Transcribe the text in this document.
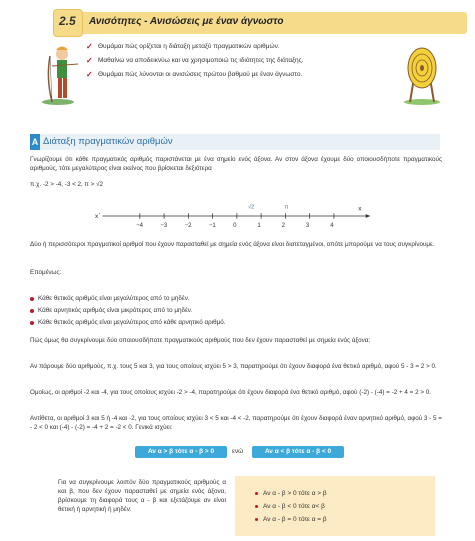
2.5 Ανισότητες - Ανισώσεις με έναν άγνωστο
✓ Θυμάμαι πώς ορίζεται η διάταξη μεταξύ πραγματικών αριθμών.
✓ Μαθαίνω να αποδεικνύω και να χρησιμοποιώ τις ιδιότητες της διάταξης.
✓ Θυμάμαι πώς λύνονται οι ανισώσεις πρώτου βαθμού με έναν άγνωστο.
Α Διάταξη πραγματικών αριθμών
Γνωρίζουμε ότι κάθε πραγματικός αριθμός παριστάνεται με ένα σημείο ενός άξονα. Αν στον άξονα έχουμε δύο οποιουσδήποτε πραγματικούς αριθμούς, τότε μεγαλύτερος είναι εκείνος που βρίσκεται δεξιότερα
π.χ. -2 > -4, -3 < 2, π > √2
x΄
x
−4	−3	−2	−1	0	1	2	3	4
√2	π
Δύο ή περισσότεροι πραγματικοί αριθμοί που έχουν παρασταθεί με σημεία ενός άξονα είναι διατεταγμένοι, οπότε μπορούμε να τους συγκρίνουμε.
Επομένως:
Κάθε θετικός αριθμός είναι μεγαλύτερος από το μηδέν.
Κάθε αρνητικός αριθμός είναι μικρότερος από το μηδέν.
Κάθε θετικός αριθμός είναι μεγαλύτερος από κάθε αρνητικό αριθμό.
Πώς όμως θα συγκρίνουμε δύο οποιουσδήποτε πραγματικούς αριθμούς που δεν έχουν παρασταθεί με σημεία ενός άξονα;
Αν πάρουμε δύο αριθμούς, π.χ. τους 5 και 3, για τους οποίους ισχύει 5 > 3, παρατηρούμε ότι έχουν διαφορά ένα θετικό αριθμό, αφού 5 - 3 = 2 > 0.
Ομοίως, οι αριθμοί -2 και -4, για τους οποίους ισχύει -2 > -4, παρατηρούμε ότι έχουν διαφορά ένα θετικό αριθμό, αφού (-2) - (-4) = -2 + 4 = 2 > 0.
Αντίθετα, οι αριθμοί 3 και 5 ή -4 και -2, για τους οποίους ισχύει 3 < 5 και -4 < -2, παρατηρούμε ότι έχουν διαφορά έναν αρνητικό αριθμό, αφού 3 - 5 = - 2 < 0 και (-4) - (-2) = -4 + 2 = -2 < 0. Γενικά ισχύει:
Αν α > β τότε α - β > 0	ενώ	Αν α < β τότε α - β < 0
Για να συγκρίνουμε λοιπόν δύο πραγματικούς αριθμούς α και β, που δεν έχουν παρασταθεί με σημεία ενός άξονα, βρίσκουμε τη διαφορά τους α - β και εξετάζουμε αν είναι θετική ή αρνητική ή μηδέν.
Αν α - β > 0 τότε α > β
Αν α - β < 0 τότε α< β
Αν α - β = 0 τότε α = β
